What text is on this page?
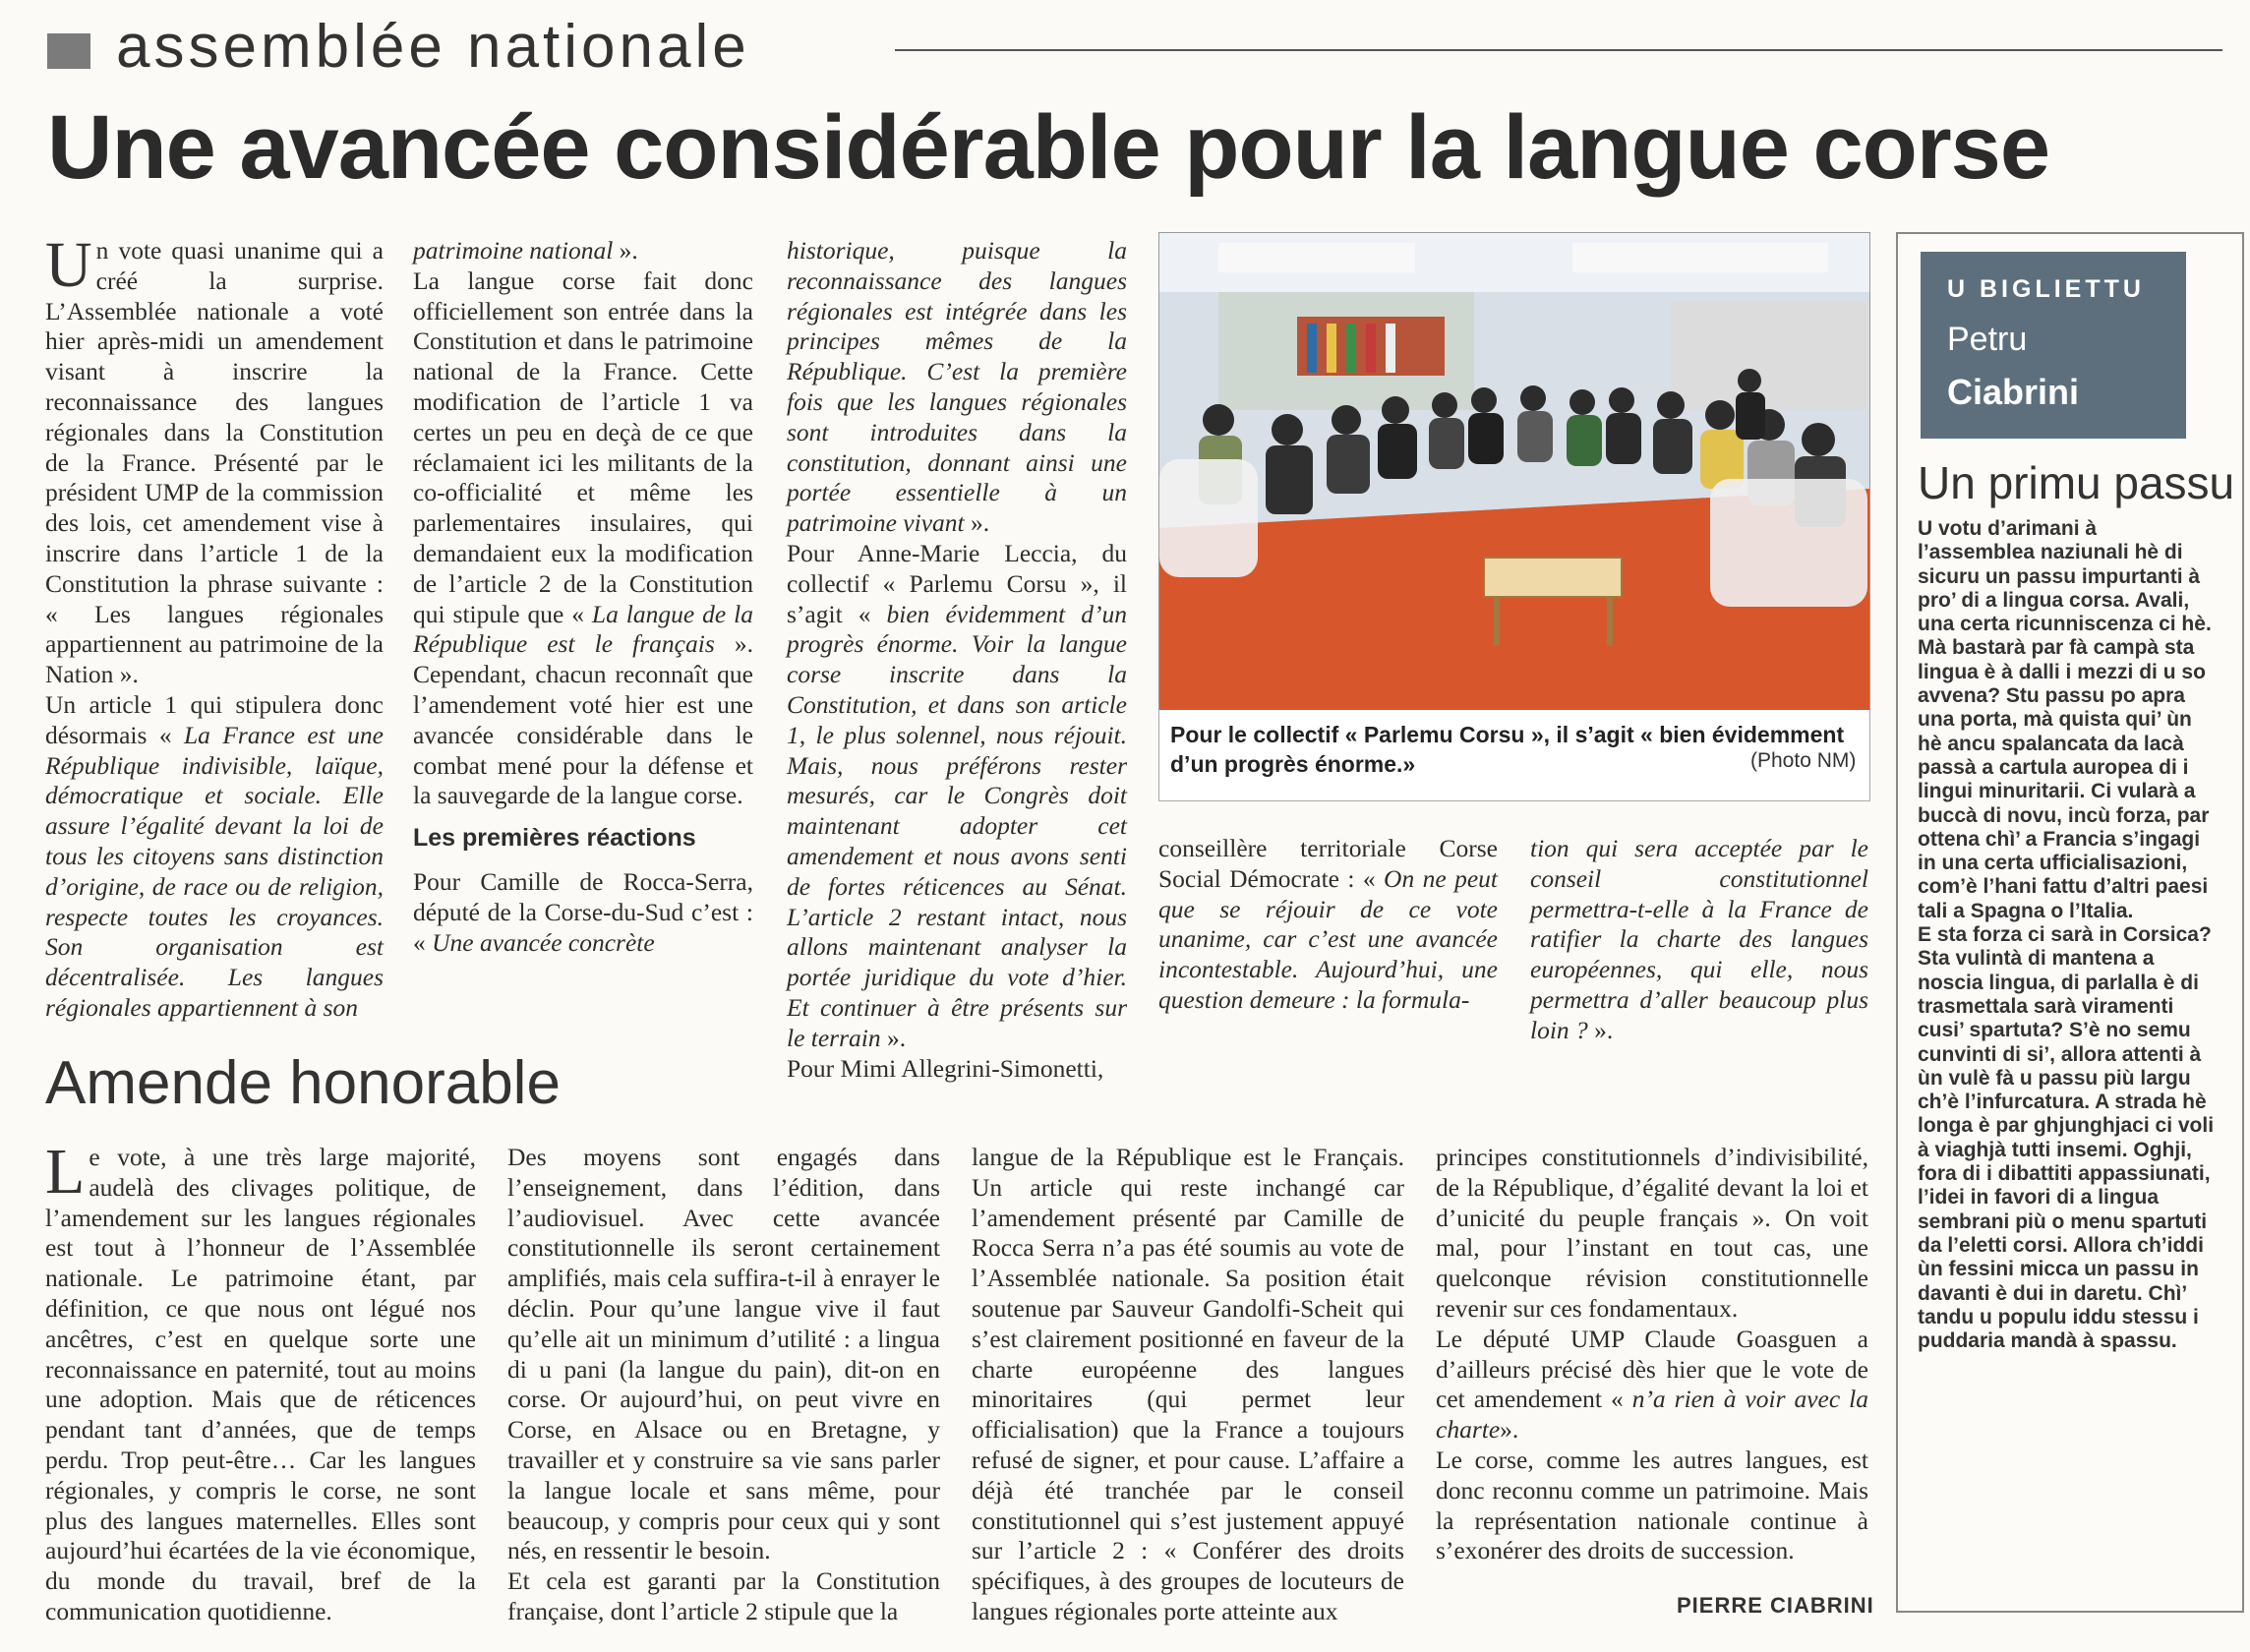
assemblée nationale
Une avancée considérable pour la langue corse

Un vote quasi unanime qui a créé la surprise. L’Assemblée nationale a voté hier après-midi un amendement visant à inscrire la reconnaissance des langues régionales dans la Constitution de la France. Présenté par le président UMP de la commission des lois, cet amendement vise à inscrire dans l’article 1 de la Constitution la phrase suivante : « Les langues régionales appartiennent au patrimoine de la Nation ».

Un article 1 qui stipulera donc désormais « La France est une République indivisible, laïque, démocratique et sociale. Elle assure l’égalité devant la loi de tous les citoyens sans distinction d’origine, de race ou de religion, respecte toutes les croyances. Son organisation est décentralisée. Les langues régionales appartiennent à son

patrimoine national ».

La langue corse fait donc officiellement son entrée dans la Constitution et dans le patrimoine national de la France. Cette modification de l’article 1 va certes un peu en deçà de ce que réclamaient ici les militants de la co-officialité et même les parlementaires insulaires, qui demandaient eux la modification de l’article 2 de la Constitution qui stipule que « La langue de la République est le français ». Cependant, chacun reconnaît que l’amendement voté hier est une avancée considérable dans le combat mené pour la défense et la sauvegarde de la langue corse.

Les premières réactions

Pour Camille de Rocca-Serra, député de la Corse-du-Sud c’est : « Une avancée concrète

historique, puisque la reconnaissance des langues régionales est intégrée dans les principes mêmes de la République. C’est la première fois que les langues régionales sont introduites dans la constitution, donnant ainsi une portée essentielle à un patrimoine vivant ».

Pour Anne-Marie Leccia, du collectif « Parlemu Corsu », il s’agit « bien évidemment d’un progrès énorme. Voir la langue corse inscrite dans la Constitution, et dans son article 1, le plus solennel, nous réjouit. Mais, nous préférons rester mesurés, car le Congrès doit maintenant adopter cet amendement et nous avons senti de fortes réticences au Sénat. L’article 2 restant intact, nous allons maintenant analyser la portée juridique du vote d’hier. Et continuer à être présents sur le terrain ».

Pour Mimi Allegrini-Simonetti,

Pour le collectif « Parlemu Corsu », il s’agit « bien évidemment d’un progrès énorme.»	(Photo NM)

conseillère territoriale Corse Social Démocrate : « On ne peut que se réjouir de ce vote unanime, car c’est une avancée incontestable. Aujourd’hui, une question demeure : la formula-

tion qui sera acceptée par le conseil constitutionnel permettra-t-elle à la France de ratifier la charte des langues européennes, qui elle, nous permettra d’aller beaucoup plus loin ? ».

Amende honorable

Le vote, à une très large majorité, audelà des clivages politique, de l’amendement sur les langues régionales est tout à l’honneur de l’Assemblée nationale. Le patrimoine étant, par définition, ce que nous ont légué nos ancêtres, c’est en quelque sorte une reconnaissance en paternité, tout au moins une adoption. Mais que de réticences pendant tant d’années, que de temps perdu. Trop peut-être… Car les langues régionales, y compris le corse, ne sont plus des langues maternelles. Elles sont aujourd’hui écartées de la vie économique, du monde du travail, bref de la communication quotidienne.

Des moyens sont engagés dans l’enseignement, dans l’édition, dans l’audiovisuel. Avec cette avancée constitutionnelle ils seront certainement amplifiés, mais cela suffira-t-il à enrayer le déclin. Pour qu’une langue vive il faut qu’elle ait un minimum d’utilité : a lingua di u pani (la langue du pain), dit-on en corse. Or aujourd’hui, on peut vivre en Corse, en Alsace ou en Bretagne, y travailler et y construire sa vie sans parler la langue locale et sans même, pour beaucoup, y compris pour ceux qui y sont nés, en ressentir le besoin.

Et cela est garanti par la Constitution française, dont l’article 2 stipule que la

langue de la République est le Français. Un article qui reste inchangé car l’amendement présenté par Camille de Rocca Serra n’a pas été soumis au vote de l’Assemblée nationale. Sa position était soutenue par Sauveur Gandolfi-Scheit qui s’est clairement positionné en faveur de la charte européenne des langues minoritaires (qui permet leur officialisation) que la France a toujours refusé de signer, et pour cause. L’affaire a déjà été tranchée par le conseil constitutionnel qui s’est justement appuyé sur l’article 2 : « Conférer des droits spécifiques, à des groupes de locuteurs de langues régionales porte atteinte aux

principes constitutionnels d’indivisibilité, de la République, d’égalité devant la loi et d’unicité du peuple français ». On voit mal, pour l’instant en tout cas, une quelconque révision constitutionnelle revenir sur ces fondamentaux.

Le député UMP Claude Goasguen a d’ailleurs précisé dès hier que le vote de cet amendement « n’a rien à voir avec la charte».

Le corse, comme les autres langues, est donc reconnu comme un patrimoine. Mais la représentation nationale continue à s’exonérer des droits de succession.

PIERRE CIABRINI
U BIGLIETTU
Petru
Ciabrini
Un primu passu

U votu d’arimani à l’assemblea naziunali hè di sicuru un passu impurtanti à pro’ di a lingua corsa. Avali, una certa ricunniscenza ci hè. Mà bastarà par fà campà sta lingua è à dalli i mezzi di u so avvena? Stu passu po apra una porta, mà quista qui’ ùn hè ancu spalancata da lacà passà a cartula auropea di i lingui minuritarii. Ci vularà a buccà di novu, incù forza, par ottena chì’ a Francia s’ingagi in una certa ufficialisazioni, com’è l’hani fattu d’altri paesi tali a Spagna o l’Italia.

E sta forza ci sarà in Corsica? Sta vulintà di mantena a noscia lingua, di parlalla è di trasmettala sarà viramenti cusi’ spartuta? S’è no semu cunvinti di si’, allora attenti à ùn vulè fà u passu più largu ch’è l’infurcatura. A strada hè longa è par ghjunghjaci ci voli à viaghjà tutti insemi. Oghji, fora di i dibattiti appassiunati, l’idei in favori di a lingua sembrani più o menu spartuti da l’eletti corsi. Allora ch’iddi ùn fessini micca un passu in davanti è dui in daretu. Chì’ tandu u populu iddu stessu i puddaria mandà à spassu.
